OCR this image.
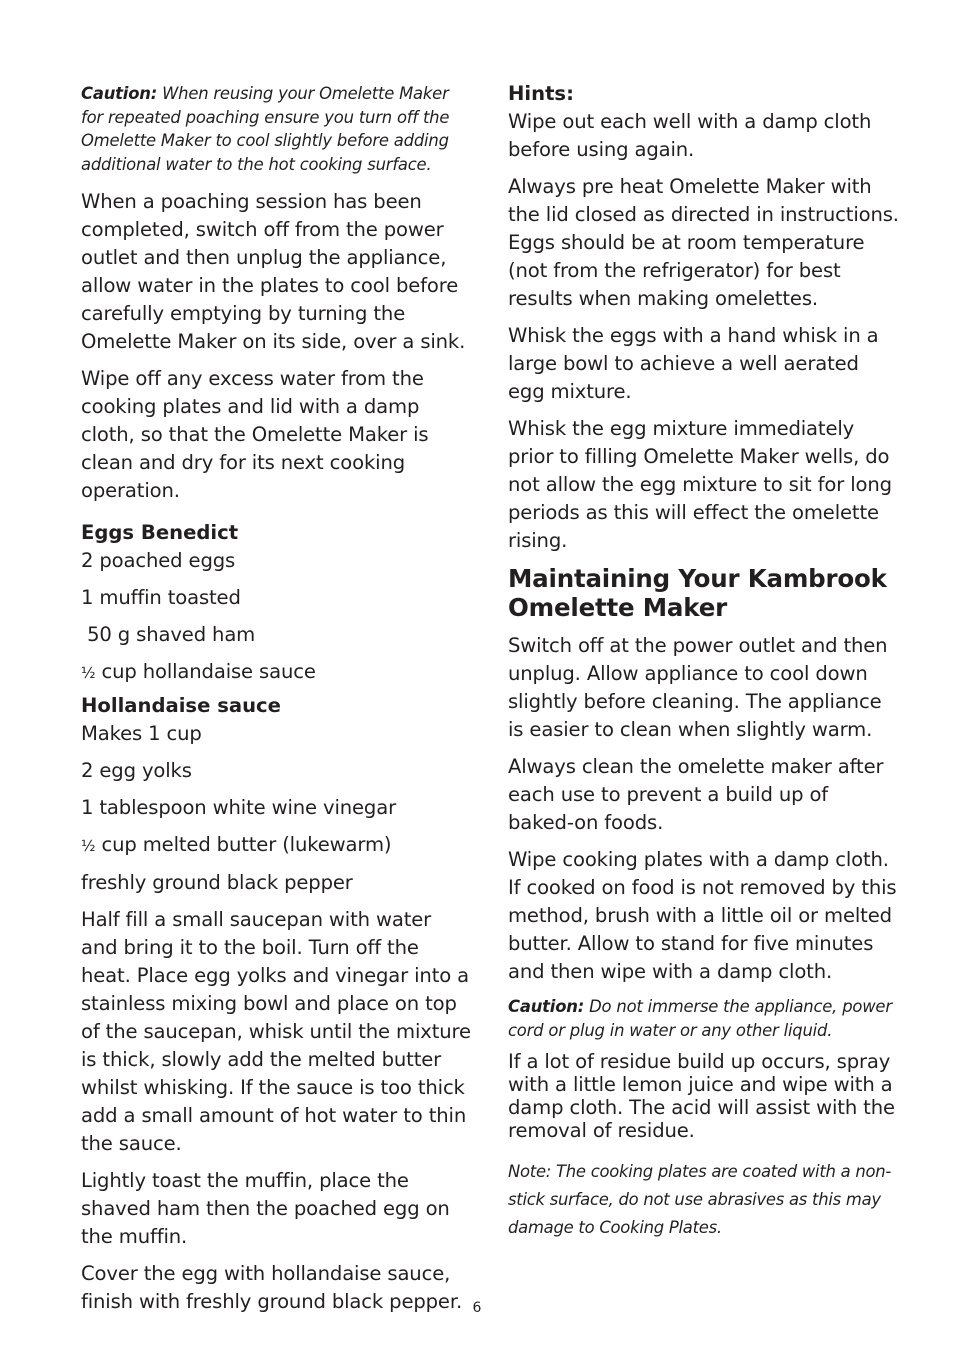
Caution: When reusing your Omelette Maker for repeated poaching ensure you turn off the Omelette Maker to cool slightly before adding additional water to the hot cooking surface.

When a poaching session has been completed, switch off from the power outlet and then unplug the appliance, allow water in the plates to cool before carefully emptying by turning the Omelette Maker on its side, over a sink.

Wipe off any excess water from the cooking plates and lid with a damp cloth, so that the Omelette Maker is clean and dry for its next cooking operation.

Eggs Benedict

2 poached eggs

1 muffin toasted

50 g shaved ham

½ cup hollandaise sauce

Hollandaise sauce

Makes 1 cup

2 egg yolks

1 tablespoon white wine vinegar

½ cup melted butter (lukewarm)

freshly ground black pepper

Half fill a small saucepan with water and bring it to the boil. Turn off the heat. Place egg yolks and vinegar into a stainless mixing bowl and place on top of the saucepan, whisk until the mixture is thick, slowly add the melted butter whilst whisking. If the sauce is too thick add a small amount of hot water to thin the sauce.

Lightly toast the muffin, place the shaved ham then the poached egg on the muffin.

Cover the egg with hollandaise sauce, finish with freshly ground black pepper.

Hints:

Wipe out each well with a damp cloth before using again.

Always pre heat Omelette Maker with the lid closed as directed in instructions. Eggs should be at room temperature (not from the refrigerator) for best results when making omelettes.

Whisk the eggs with a hand whisk in a large bowl to achieve a well aerated egg mixture.

Whisk the egg mixture immediately prior to filling Omelette Maker wells, do not allow the egg mixture to sit for long periods as this will effect the omelette rising.

Maintaining Your Kambrook Omelette Maker

Switch off at the power outlet and then unplug. Allow appliance to cool down slightly before cleaning. The appliance is easier to clean when slightly warm.

Always clean the omelette maker after each use to prevent a build up of baked-on foods.

Wipe cooking plates with a damp cloth. If cooked on food is not removed by this method, brush with a little oil or melted butter. Allow to stand for five minutes and then wipe with a damp cloth.

Caution: Do not immerse the appliance, power cord or plug in water or any other liquid.

If a lot of residue build up occurs, spray with a little lemon juice and wipe with a damp cloth. The acid will assist with the removal of residue.

Note: The cooking plates are coated with a non-stick surface, do not use abrasives as this may damage to Cooking Plates.

6
